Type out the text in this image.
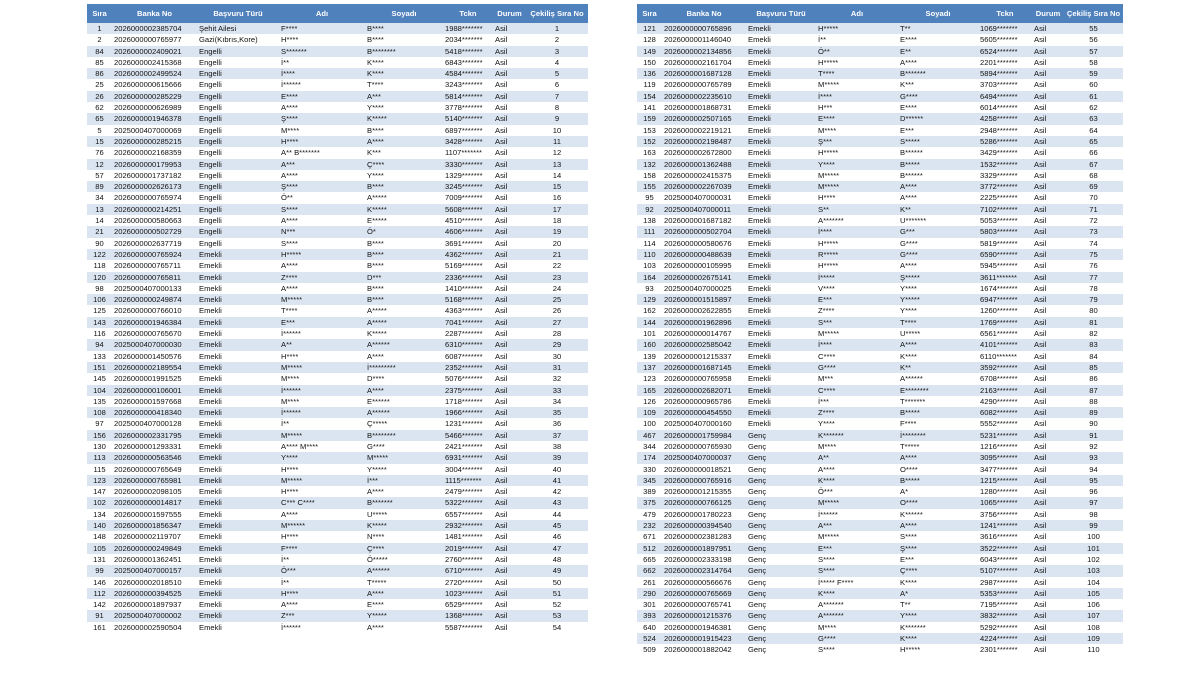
Sıra	Banka No	Başvuru Türü	Adı	Soyadı	Tckn	Durum	Çekiliş Sıra No
1	2026000002385704	Şehit Ailesi	F****	B****	1988*******	Asil	1
2	2026000000765977	Gazi(Kıbrıs,Kore)	H****	B****	2034*******	Asil	2
84	2026000002409021	Engelli	S*******	B********	5418*******	Asil	3
85	2026000002415368	Engelli	İ**	K****	6843*******	Asil	4
86	2026000002499524	Engelli	İ****	K****	4584*******	Asil	5
25	2026000000615666	Engelli	İ******	T****	3243*******	Asil	6
26	2026000000285229	Engelli	E****	A***	5814*******	Asil	7
62	2026000000626989	Engelli	A****	Y****	3778*******	Asil	8
65	2026000001946378	Engelli	Ş****	K*****	5140*******	Asil	9
5	2025000407000069	Engelli	M****	B****	6897*******	Asil	10
15	2026000000285215	Engelli	H****	A****	3428*******	Asil	11
76	2026000002168359	Engelli	A** B*******	K***	1107*******	Asil	12
12	2026000000179953	Engelli	A***	Ç****	3330*******	Asil	13
57	2026000001737182	Engelli	A****	Y****	1329*******	Asil	14
89	2026000002626173	Engelli	Ş****	B****	3245*******	Asil	15
34	2026000000765974	Engelli	Ö**	A*****	7009*******	Asil	16
13	2026000000214251	Engelli	S****	K*****	5608*******	Asil	17
14	2026000000580663	Engelli	A****	E*****	4510*******	Asil	18
21	2026000000502729	Engelli	N***	Ö*	4606*******	Asil	19
90	2026000002637719	Engelli	S****	B****	3691*******	Asil	20
122	2026000000765924	Emekli	H*****	B****	4362*******	Asil	21
118	2026000000765711	Emekli	A****	B****	5169*******	Asil	22
120	2026000000765811	Emekli	Z****	D***	2336*******	Asil	23
98	2025000407000133	Emekli	A****	B****	1410*******	Asil	24
106	2026000000249874	Emekli	M*****	B****	5168*******	Asil	25
125	2026000000766010	Emekli	T****	A*****	4363*******	Asil	26
143	2026000001946384	Emekli	E***	A*****	7041*******	Asil	27
116	2026000000765670	Emekli	İ******	K*****	2287*******	Asil	28
94	2025000407000030	Emekli	A**	A******	6310*******	Asil	29
133	2026000001450576	Emekli	H****	A****	6087*******	Asil	30
151	2026000002189554	Emekli	M*****	İ*********	2352*******	Asil	31
145	2026000001991525	Emekli	M****	D****	5076*******	Asil	32
104	2026000000106001	Emekli	İ******	A****	2375*******	Asil	33
135	2026000001597668	Emekli	M****	E******	1718*******	Asil	34
108	2026000000418340	Emekli	İ******	A******	1966*******	Asil	35
97	2025000407000128	Emekli	İ**	Ç*****	1231*******	Asil	36
156	2026000002331795	Emekli	M*****	B********	5466*******	Asil	37
130	2026000001293331	Emekli	A**** M****	G****	2421*******	Asil	38
113	2026000000563546	Emekli	Y****	M*****	6931*******	Asil	39
115	2026000000765649	Emekli	H****	Y*****	3004*******	Asil	40
123	2026000000765981	Emekli	M*****	İ***	1115*******	Asil	41
147	2026000002098105	Emekli	H****	A****	2479*******	Asil	42
102	2026000000014817	Emekli	C*** C****	B*******	5322*******	Asil	43
134	2026000001597555	Emekli	A****	U*****	6557*******	Asil	44
140	2026000001856347	Emekli	M******	K*****	2932*******	Asil	45
148	2026000002119707	Emekli	H****	N****	1481*******	Asil	46
105	2026000000249849	Emekli	F****	Ç****	2019*******	Asil	47
131	2026000001362451	Emekli	İ**	Ö*****	2760*******	Asil	48
99	2025000407000157	Emekli	Ö***	A******	6710*******	Asil	49
146	2026000002018510	Emekli	İ**	T*****	2720*******	Asil	50
112	2026000000394525	Emekli	H****	A****	1023*******	Asil	51
142	2026000001897937	Emekli	A****	E****	6529*******	Asil	52
91	2025000407000002	Emekli	Z***	Y*****	1368*******	Asil	53
161	2026000002590504	Emekli	İ******	A****	5587*******	Asil	54
Sıra	Banka No	Başvuru Türü	Adı	Soyadı	Tckn	Durum	Çekiliş Sıra No
121	2026000000765896	Emekli	H*****	T**	1069*******	Asil	55
128	2026000001146040	Emekli	İ**	E****	5605*******	Asil	56
149	2026000002134856	Emekli	Ö**	E**	6524*******	Asil	57
150	2026000002161704	Emekli	H*****	A****	2201*******	Asil	58
136	2026000001687128	Emekli	T****	B*******	5894*******	Asil	59
119	2026000000765789	Emekli	M*****	K***	3703*******	Asil	60
154	2026000002235610	Emekli	İ****	G****	6494*******	Asil	61
141	2026000001868731	Emekli	H***	E****	6014*******	Asil	62
159	2026000002507165	Emekli	E****	D******	4258*******	Asil	63
153	2026000002219121	Emekli	M****	E***	2948*******	Asil	64
152	2026000002198487	Emekli	Ş***	S*****	5286*******	Asil	65
163	2026000002672800	Emekli	H*****	B******	3429*******	Asil	66
132	2026000001362488	Emekli	Y****	B*****	1532*******	Asil	67
158	2026000002415375	Emekli	M*****	B******	3329*******	Asil	68
155	2026000002267039	Emekli	M*****	A****	3772*******	Asil	69
95	2025000407000031	Emekli	H****	A****	2225*******	Asil	70
92	2025000407000011	Emekli	S**	K**	7102*******	Asil	71
138	2026000001687182	Emekli	A*******	U*******	5053*******	Asil	72
111	2026000000502704	Emekli	İ****	G***	5803*******	Asil	73
114	2026000000580676	Emekli	H*****	G****	5819*******	Asil	74
110	2026000000488639	Emekli	R*****	G****	6590*******	Asil	75
103	2026000000105995	Emekli	H*****	A****	5945*******	Asil	76
164	2026000002675141	Emekli	İ*****	Ş*****	3611*******	Asil	77
93	2025000407000025	Emekli	V****	Y****	1674*******	Asil	78
129	2026000001515897	Emekli	E***	Y*****	6947*******	Asil	79
162	2026000002622855	Emekli	Z****	Y****	1260*******	Asil	80
144	2026000001962896	Emekli	S***	T****	1769*******	Asil	81
101	2026000000014767	Emekli	M*****	U*****	6561*******	Asil	82
160	2026000002585042	Emekli	İ****	A****	4101*******	Asil	83
139	2026000001215337	Emekli	C****	K****	6110*******	Asil	84
137	2026000001687145	Emekli	G****	K**	3592*******	Asil	85
123	2026000000765958	Emekli	M***	A******	6708*******	Asil	86
165	2026000002682071	Emekli	C****	E********	2163*******	Asil	87
126	2026000000965786	Emekli	İ***	T*******	4290*******	Asil	88
109	2026000000454550	Emekli	Z****	B*****	6082*******	Asil	89
100	2025000407000160	Emekli	Y****	F****	5552*******	Asil	90
467	2026000001759984	Genç	K*******	İ********	5231*******	Asil	91
344	2026000000765930	Genç	M****	T*****	1216*******	Asil	92
174	2025000407000037	Genç	A**	A****	3095*******	Asil	93
330	2026000000018521	Genç	A****	O****	3477*******	Asil	94
345	2026000000765916	Genç	K****	B*****	1215*******	Asil	95
389	2026000001215355	Genç	Ö***	A*	1280*******	Asil	96
375	2026000000766125	Genç	M*****	O****	1065*******	Asil	97
479	2026000001780223	Genç	İ******	K******	3756*******	Asil	98
232	2026000000394540	Genç	A***	A****	1241*******	Asil	99
671	2026000002381283	Genç	M*****	S****	3616*******	Asil	100
512	2026000001897951	Genç	E***	Ş****	3522*******	Asil	101
665	2026000002333198	Genç	S****	E***	6043*******	Asil	102
662	2026000002314764	Genç	S****	Ç****	5107*******	Asil	103
261	2026000000566676	Genç	İ***** F****	K****	2987*******	Asil	104
290	2026000000765669	Genç	K****	A*	5353*******	Asil	105
301	2026000000765741	Genç	A*******	T**	7195*******	Asil	106
393	2026000001215376	Genç	A*******	Y****	3832*******	Asil	107
640	2026000001946381	Genç	M****	K*******	5292*******	Asil	108
524	2026000001915423	Genç	G****	K****	4224*******	Asil	109
509	2026000001882042	Genç	S****	H*****	2301*******	Asil	110
